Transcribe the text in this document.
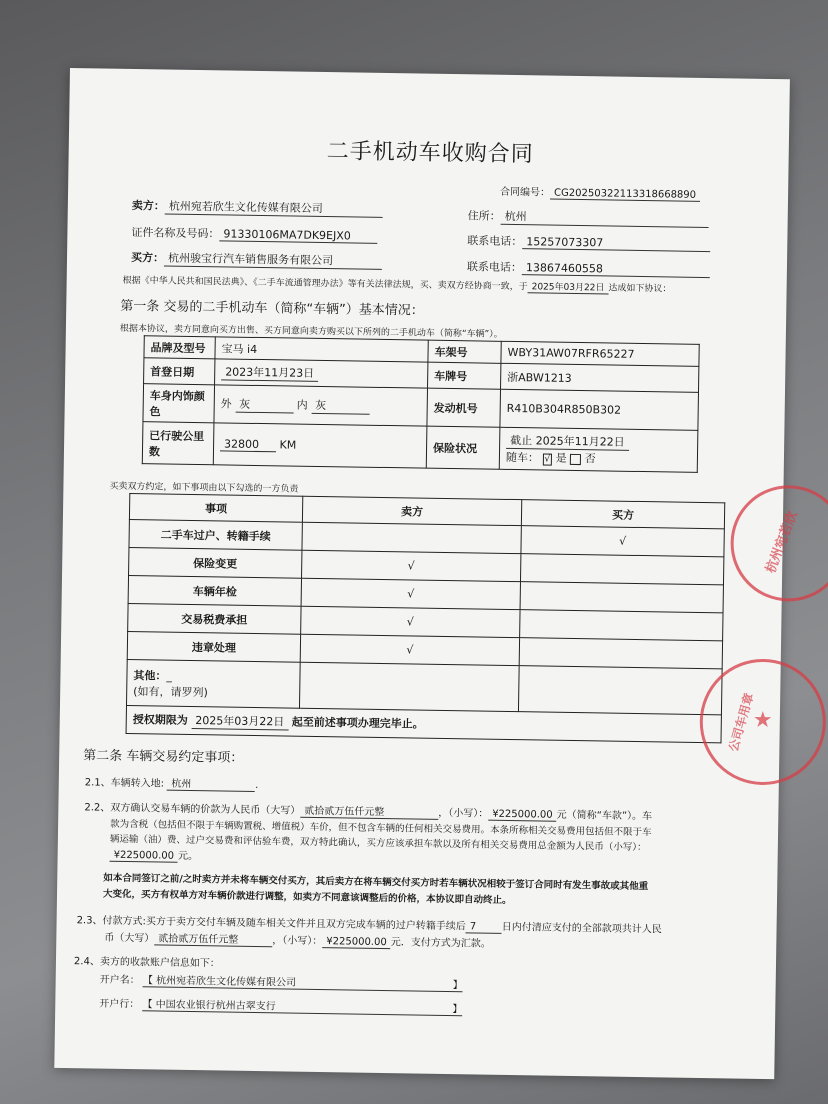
二手机动车收购合同
合同编号： CG20250322113318668890
卖方： 杭州宛若欣生文化传媒有限公司
住所： 杭州
证件名称及号码： 91330106MA7DK9EJX0	联系电话： 15257073307
买方： 杭州骏宝行汽车销售服务有限公司
联系电话： 13867460558
根据《中华人民共和国民法典》、《二手车流通管理办法》等有关法律法规，买、卖双方经协商一致，于 2025年03月22日 达成如下协议：
第一条 交易的二手机动车（简称“车辆”）基本情况：
根据本协议，卖方同意向买方出售、买方同意向卖方购买以下所列的二手机动车（简称“车辆”）。
品牌及型号	宝马 i4	车架号	WBY31AW07RFR65227
首登日期	2023年11月23日	车牌号	浙ABW1213
车身内饰颜色	外 灰 内 灰	发动机号	R410B304R850B302
已行驶公里数	32800 KM	保险状况	截止 2025年11月22日
随车： √ 是 否
买卖双方约定，如下事项由以下勾选的一方负责
事项	卖方	买方
二手车过户、转籍手续		√
保险变更	√	
车辆年检	√	
交易税费承担	√	
违章处理	√	

其他：_
(如有，请罗列)		

授权期限为 2025年03月22日 起至前述事项办理完毕止。		
第二条 车辆交易约定事项：
2.1、车辆转入地: 杭州	.
2.2、双方确认交易车辆的价款为人民币（大写） 贰拾贰万伍仟元整	，（小写）： ¥225000.00 元（简称“车款”）。车
款为含税（包括但不限于车辆购置税、增值税）车价，但不包含车辆的任何相关交易费用。本条所称相关交易费用包括但不限于车
辆运输（油）费、过户交易费和评估验车费，双方特此确认，买方应该承担车款以及所有相关交易费用总金额为人民币（小写）：
¥225000.00 元。
如本合同签订之前/之时卖方并未将车辆交付买方，其后卖方在将车辆交付买方时若车辆状况相较于签订合同时有发生事故或其他重
大变化，买方有权单方对车辆价款进行调整，如卖方不同意该调整后的价格，本协议即自动终止。
2.3、付款方式:买方于卖方交付车辆及随车相关文件并且双方完成车辆的过户转籍手续后 7	日内付清应支付的全部款项共计人民
币（大写） 贰拾贰万伍仟元整	，（小写）： ¥225000.00 元．支付方式为汇款。
2.4、卖方的收款账户信息如下：
开户名： 【 杭州宛若欣生文化传媒有限公司	】
开户行： 【 中国农业银行杭州古翠支行	】
杭州宛若欣
公司车用章
★
